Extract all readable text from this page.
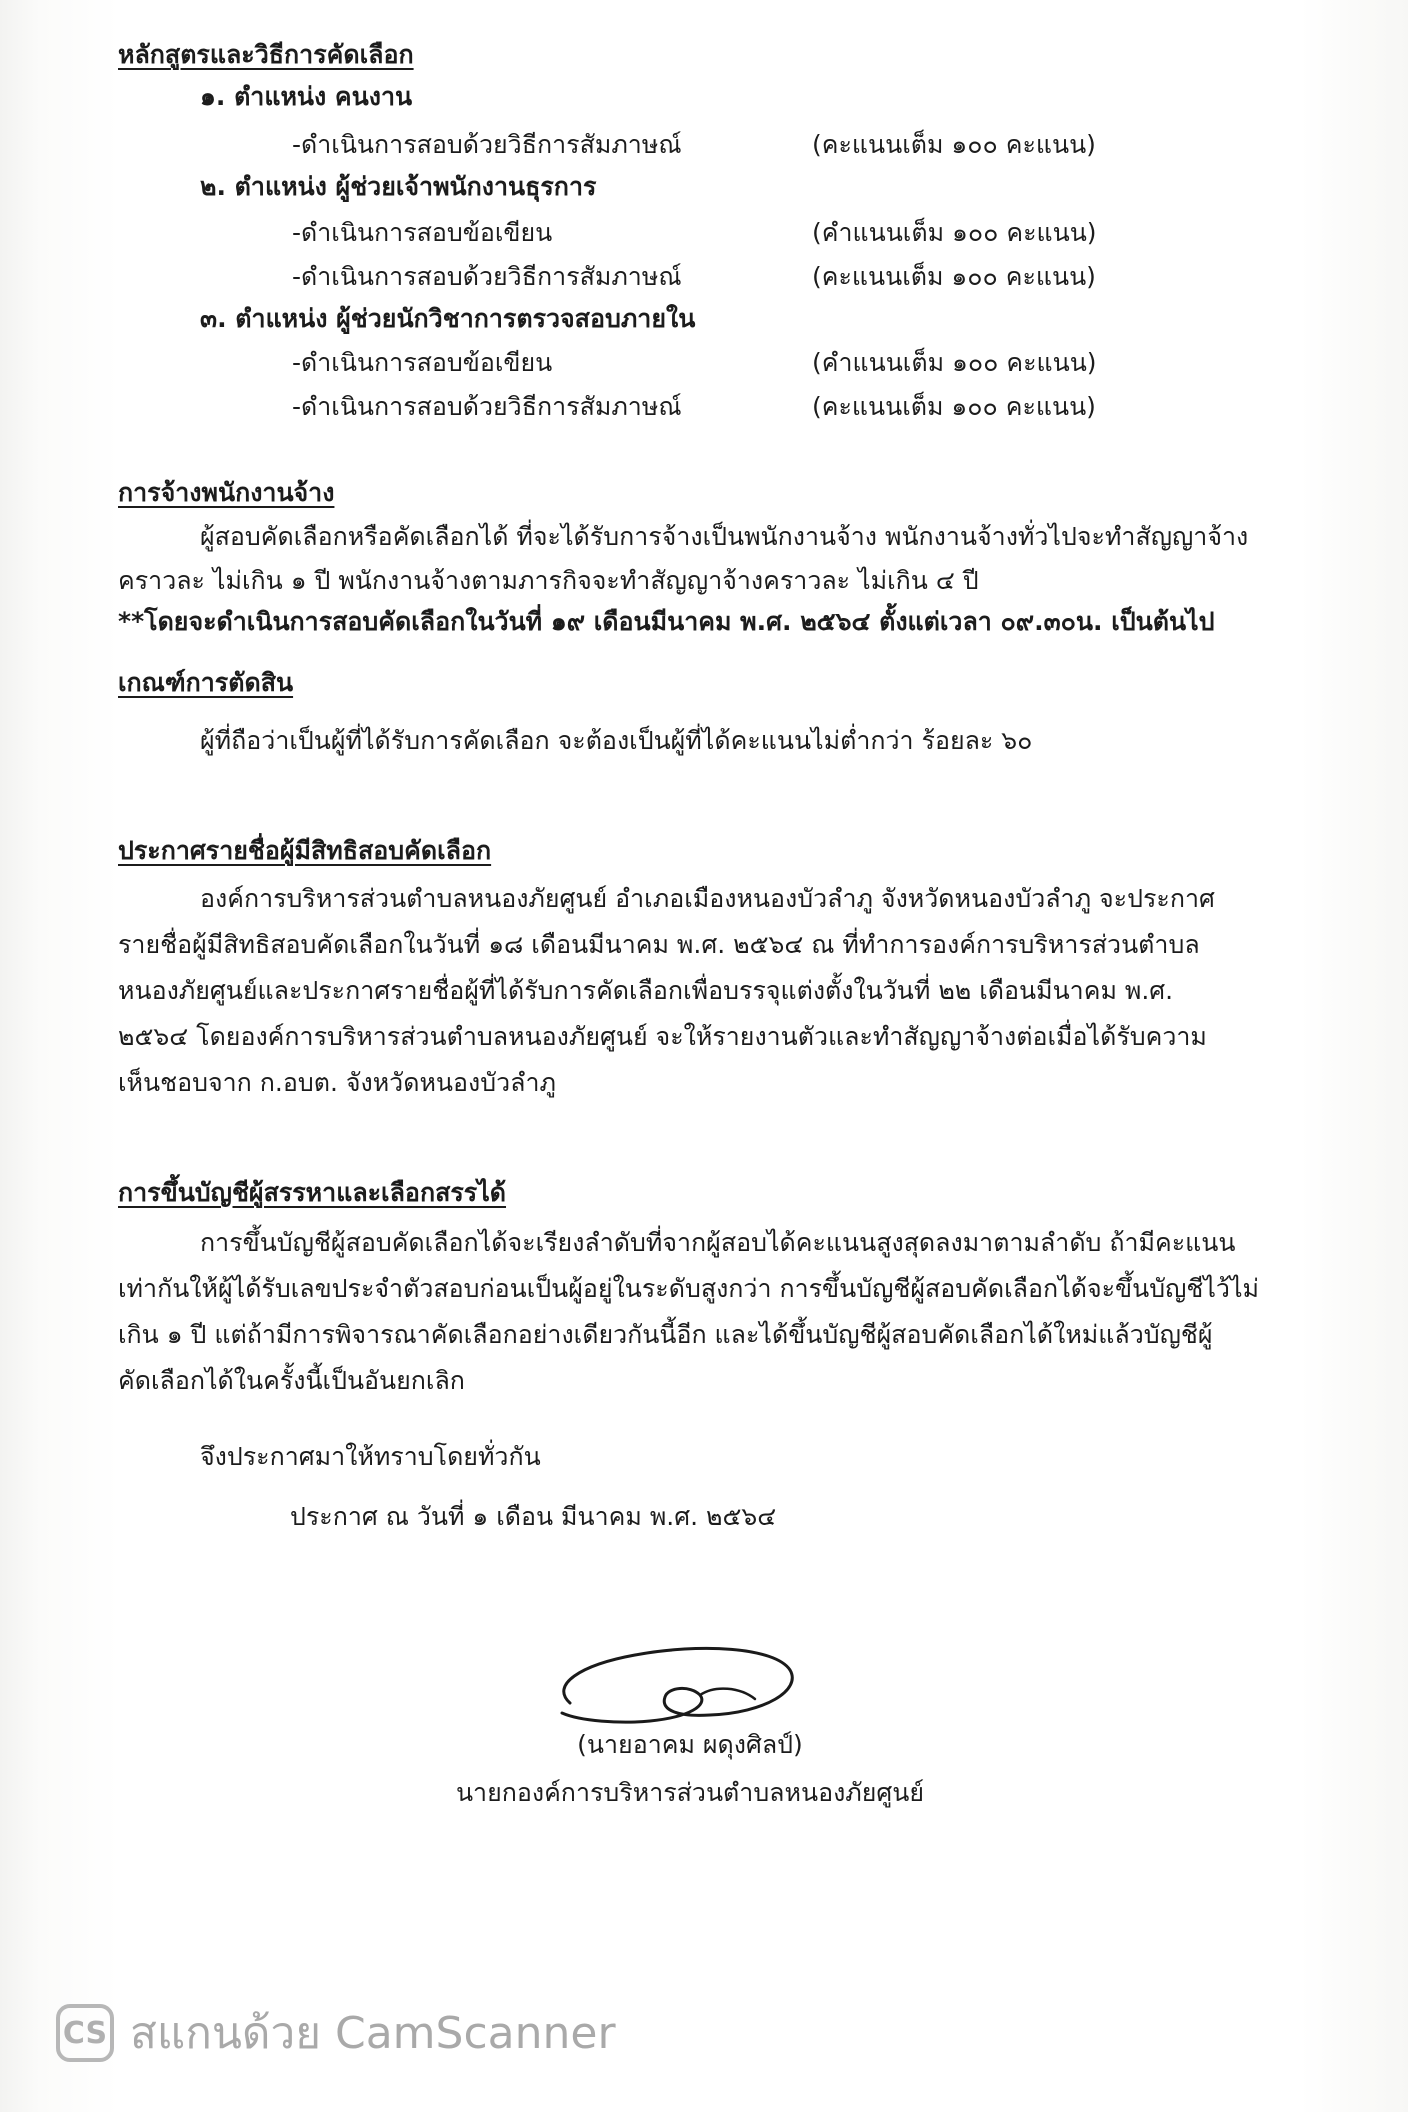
หลักสูตรและวิธีการคัดเลือก
๑. ตำแหน่ง คนงาน
-ดำเนินการสอบด้วยวิธีการสัมภาษณ์	(คะแนนเต็ม ๑๐๐ คะแนน)
๒. ตำแหน่ง ผู้ช่วยเจ้าพนักงานธุรการ
-ดำเนินการสอบข้อเขียน	(คำแนนเต็ม ๑๐๐ คะแนน)
-ดำเนินการสอบด้วยวิธีการสัมภาษณ์	(คะแนนเต็ม ๑๐๐ คะแนน)
๓. ตำแหน่ง ผู้ช่วยนักวิชาการตรวจสอบภายใน
-ดำเนินการสอบข้อเขียน	(คำแนนเต็ม ๑๐๐ คะแนน)
-ดำเนินการสอบด้วยวิธีการสัมภาษณ์	(คะแนนเต็ม ๑๐๐ คะแนน)
การจ้างพนักงานจ้าง
ผู้สอบคัดเลือกหรือคัดเลือกได้ ที่จะได้รับการจ้างเป็นพนักงานจ้าง พนักงานจ้างทั่วไปจะทำสัญญาจ้าง
คราวละ ไม่เกิน ๑ ปี พนักงานจ้างตามภารกิจจะทำสัญญาจ้างคราวละ ไม่เกิน ๔ ปี
**โดยจะดำเนินการสอบคัดเลือกในวันที่ ๑๙ เดือนมีนาคม พ.ศ. ๒๕๖๔ ตั้งแต่เวลา ๐๙.๓๐น. เป็นต้นไป
เกณฑ์การตัดสิน
ผู้ที่ถือว่าเป็นผู้ที่ได้รับการคัดเลือก จะต้องเป็นผู้ที่ได้คะแนนไม่ต่ำกว่า ร้อยละ ๖๐
ประกาศรายชื่อผู้มีสิทธิสอบคัดเลือก
องค์การบริหารส่วนตำบลหนองภัยศูนย์ อำเภอเมืองหนองบัวลำภู จังหวัดหนองบัวลำภู จะประกาศ
รายชื่อผู้มีสิทธิสอบคัดเลือกในวันที่ ๑๘ เดือนมีนาคม พ.ศ. ๒๕๖๔ ณ ที่ทำการองค์การบริหารส่วนตำบล
หนองภัยศูนย์และประกาศรายชื่อผู้ที่ได้รับการคัดเลือกเพื่อบรรจุแต่งตั้งในวันที่ ๒๒ เดือนมีนาคม พ.ศ.
๒๕๖๔ โดยองค์การบริหารส่วนตำบลหนองภัยศูนย์ จะให้รายงานตัวและทำสัญญาจ้างต่อเมื่อได้รับความ
เห็นชอบจาก ก.อบต. จังหวัดหนองบัวลำภู
การขึ้นบัญชีผู้สรรหาและเลือกสรรได้
การขึ้นบัญชีผู้สอบคัดเลือกได้จะเรียงลำดับที่จากผู้สอบได้คะแนนสูงสุดลงมาตามลำดับ ถ้ามีคะแนน
เท่ากันให้ผู้ได้รับเลขประจำตัวสอบก่อนเป็นผู้อยู่ในระดับสูงกว่า การขึ้นบัญชีผู้สอบคัดเลือกได้จะขึ้นบัญชีไว้ไม่
เกิน ๑ ปี แต่ถ้ามีการพิจารณาคัดเลือกอย่างเดียวกันนี้อีก และได้ขึ้นบัญชีผู้สอบคัดเลือกได้ใหม่แล้วบัญชีผู้
คัดเลือกได้ในครั้งนี้เป็นอันยกเลิก
จึงประกาศมาให้ทราบโดยทั่วกัน
ประกาศ ณ วันที่ ๑ เดือน มีนาคม พ.ศ. ๒๕๖๔
(นายอาคม ผดุงศิลป์)
นายกองค์การบริหารส่วนตำบลหนองภัยศูนย์
CS สแกนด้วย CamScanner
